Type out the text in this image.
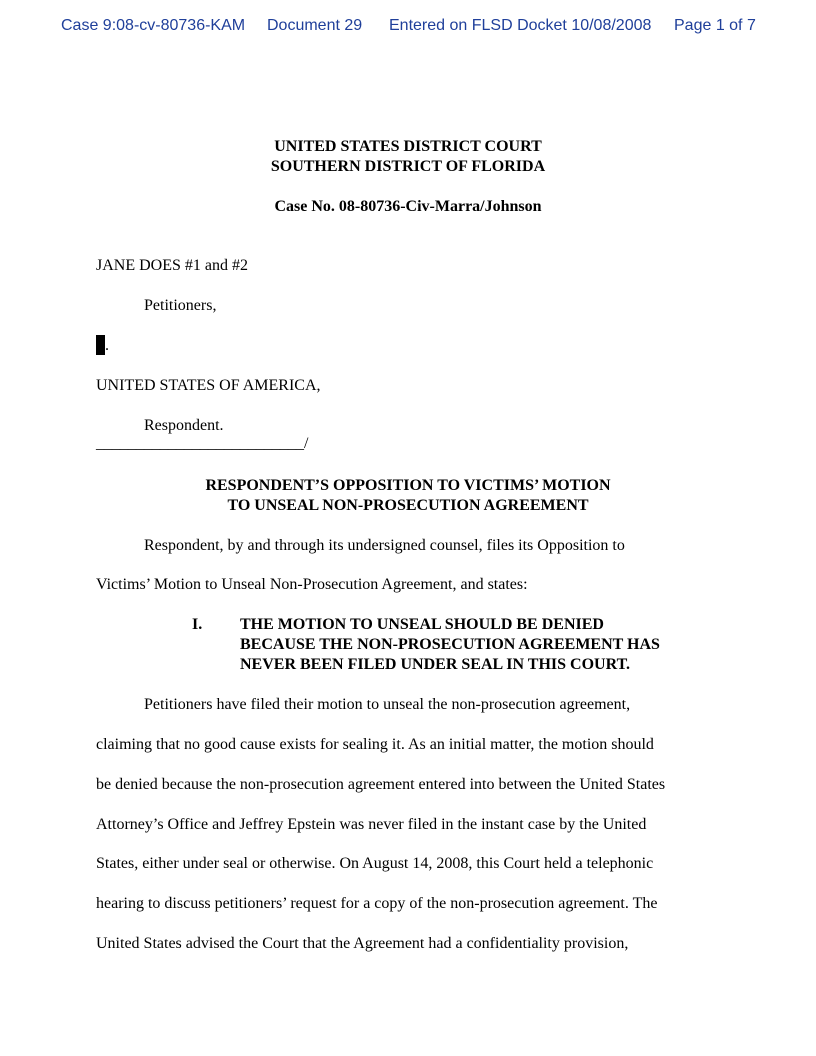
Case 9:08-cv-80736-KAM Document 29 Entered on FLSD Docket 10/08/2008 Page 1 of 7
UNITED STATES DISTRICT COURT
SOUTHERN DISTRICT OF FLORIDA
Case No. 08-80736-Civ-Marra/Johnson
JANE DOES #1 and #2
Petitioners,
.
UNITED STATES OF AMERICA,
Respondent.
__________________________/
RESPONDENT’S OPPOSITION TO VICTIMS’ MOTION
TO UNSEAL NON-PROSECUTION AGREEMENT
Respondent, by and through its undersigned counsel, files its Opposition to
Victims’ Motion to Unseal Non-Prosecution Agreement, and states:
I. THE MOTION TO UNSEAL SHOULD BE DENIED
BECAUSE THE NON-PROSECUTION AGREEMENT HAS
NEVER BEEN FILED UNDER SEAL IN THIS COURT.
Petitioners have filed their motion to unseal the non-prosecution agreement,
claiming that no good cause exists for sealing it. As an initial matter, the motion should
be denied because the non-prosecution agreement entered into between the United States
Attorney’s Office and Jeffrey Epstein was never filed in the instant case by the United
States, either under seal or otherwise. On August 14, 2008, this Court held a telephonic
hearing to discuss petitioners’ request for a copy of the non-prosecution agreement. The
United States advised the Court that the Agreement had a confidentiality provision,
